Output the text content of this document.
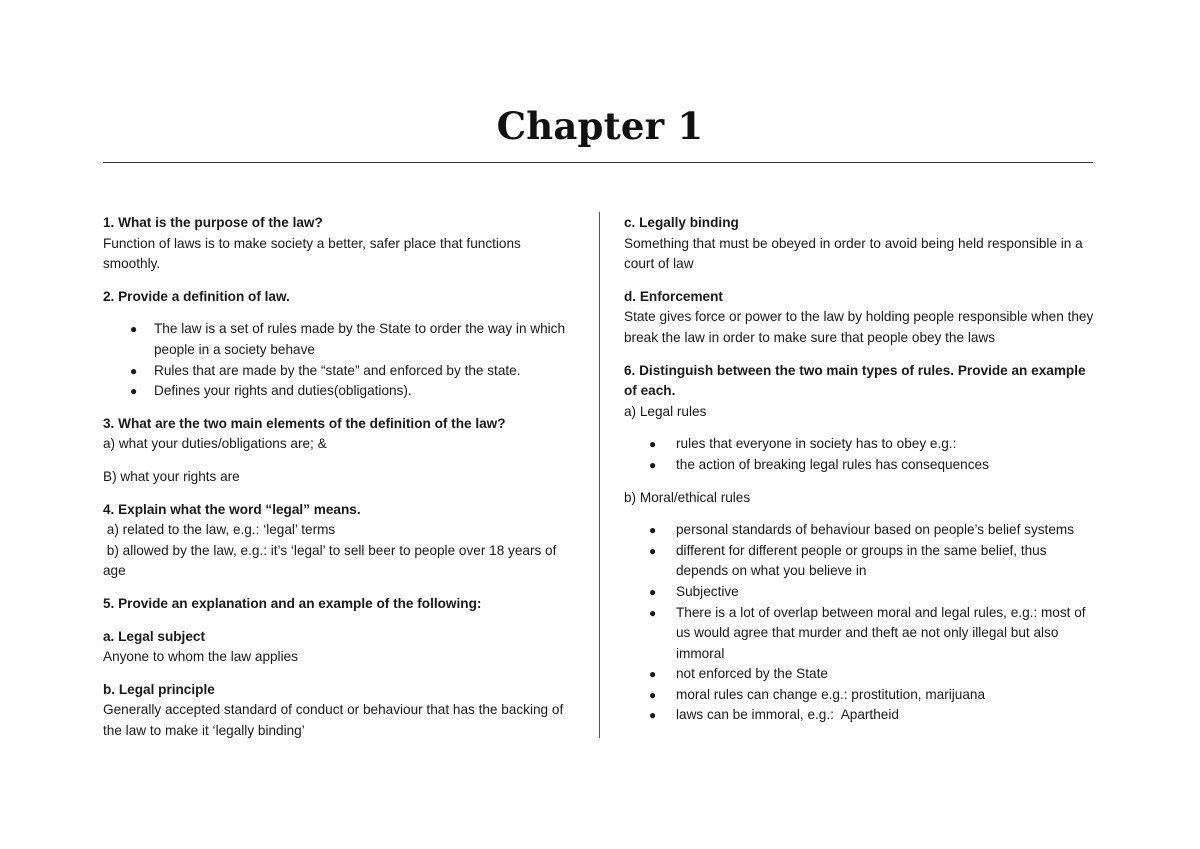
Chapter 1

1. What is the purpose of the law?

Function of laws is to make society a better, safer place that functions smoothly.

2. Provide a definition of law.

● The law is a set of rules made by the State to order the way in which people in a society behave
● Rules that are made by the “state” and enforced by the state.
● Defines your rights and duties(obligations).

3. What are the two main elements of the definition of the law?

a) what your duties/obligations are; &

B) what your rights are

4. Explain what the word “legal” means.

a) related to the law, e.g.: ‘legal’ terms

b) allowed by the law, e.g.: it’s ‘legal’ to sell beer to people over 18 years of age

5. Provide an explanation and an example of the following:

a. Legal subject

Anyone to whom the law applies

b. Legal principle

Generally accepted standard of conduct or behaviour that has the backing of the law to make it ‘legally binding’

c. Legally binding

Something that must be obeyed in order to avoid being held responsible in a court of law

d. Enforcement

State gives force or power to the law by holding people responsible when they break the law in order to make sure that people obey the laws

6. Distinguish between the two main types of rules. Provide an example of each.

a) Legal rules

● rules that everyone in society has to obey e.g.:
● the action of breaking legal rules has consequences

b) Moral/ethical rules

● personal standards of behaviour based on people’s belief systems
● different for different people or groups in the same belief, thus depends on what you believe in
● Subjective
● There is a lot of overlap between moral and legal rules, e.g.: most of us would agree that murder and theft ae not only illegal but also immoral
● not enforced by the State
● moral rules can change e.g.: prostitution, marijuana
● laws can be immoral, e.g.:  Apartheid
